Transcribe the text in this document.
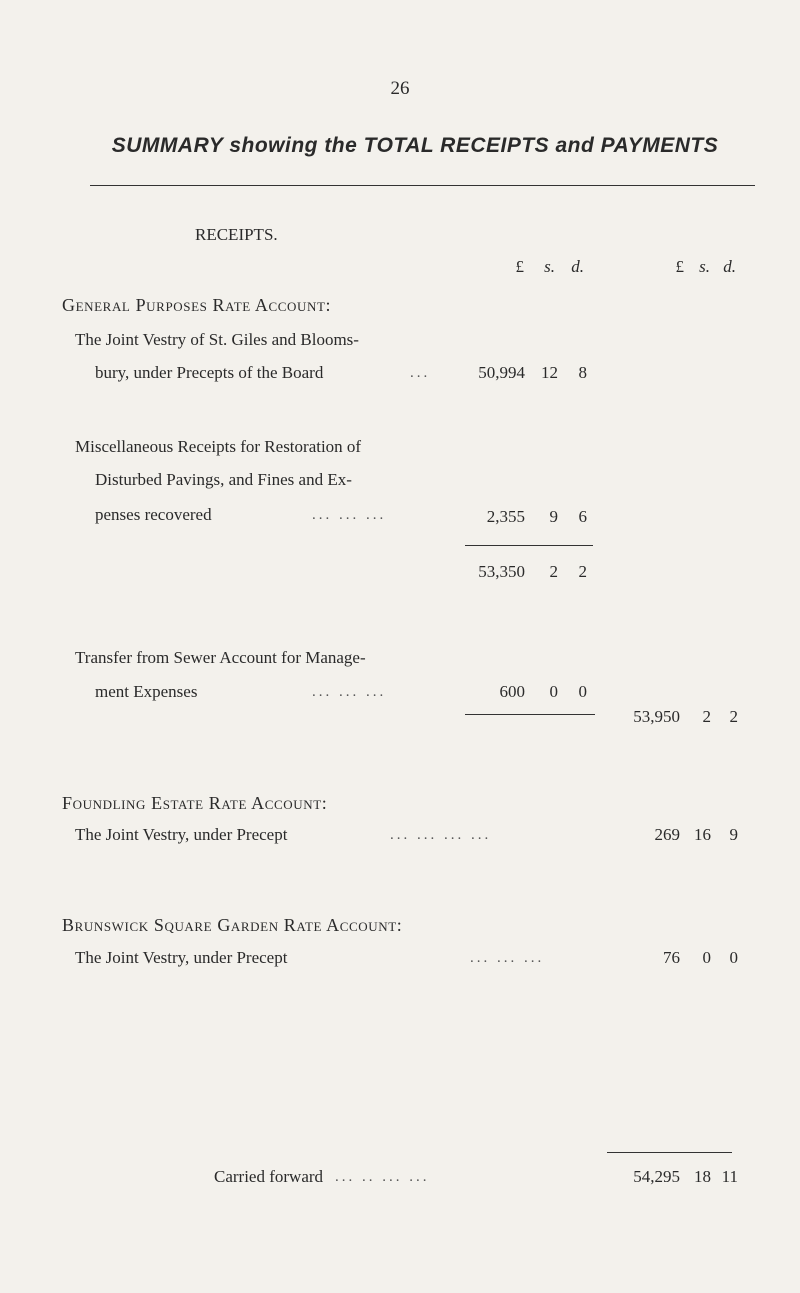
26
SUMMARY showing the TOTAL RECEIPTS and PAYMENTS
RECEIPTS.
£	s. d.	£ s. d.
General Purposes Rate Account:
The Joint Vestry of St. Giles and Blooms-
bury, under Precepts of the Board	...	50,994 12	8
Miscellaneous Receipts for Restoration of
Disturbed Pavings, and Fines and Ex-
penses recovered	... ... ...	2,355	9	6
53,350	2	2
Transfer from Sewer Account for Manage-
ment Expenses	... ... ...	600	0	0
53,950	2	2
Foundling Estate Rate Account:
The Joint Vestry, under Precept	... ... ... ...	269 16	9
Brunswick Square Garden Rate Account:
The Joint Vestry, under Precept	... ... ...	76	0	0
Carried forward ... .. ... ...	54,295 18 11
